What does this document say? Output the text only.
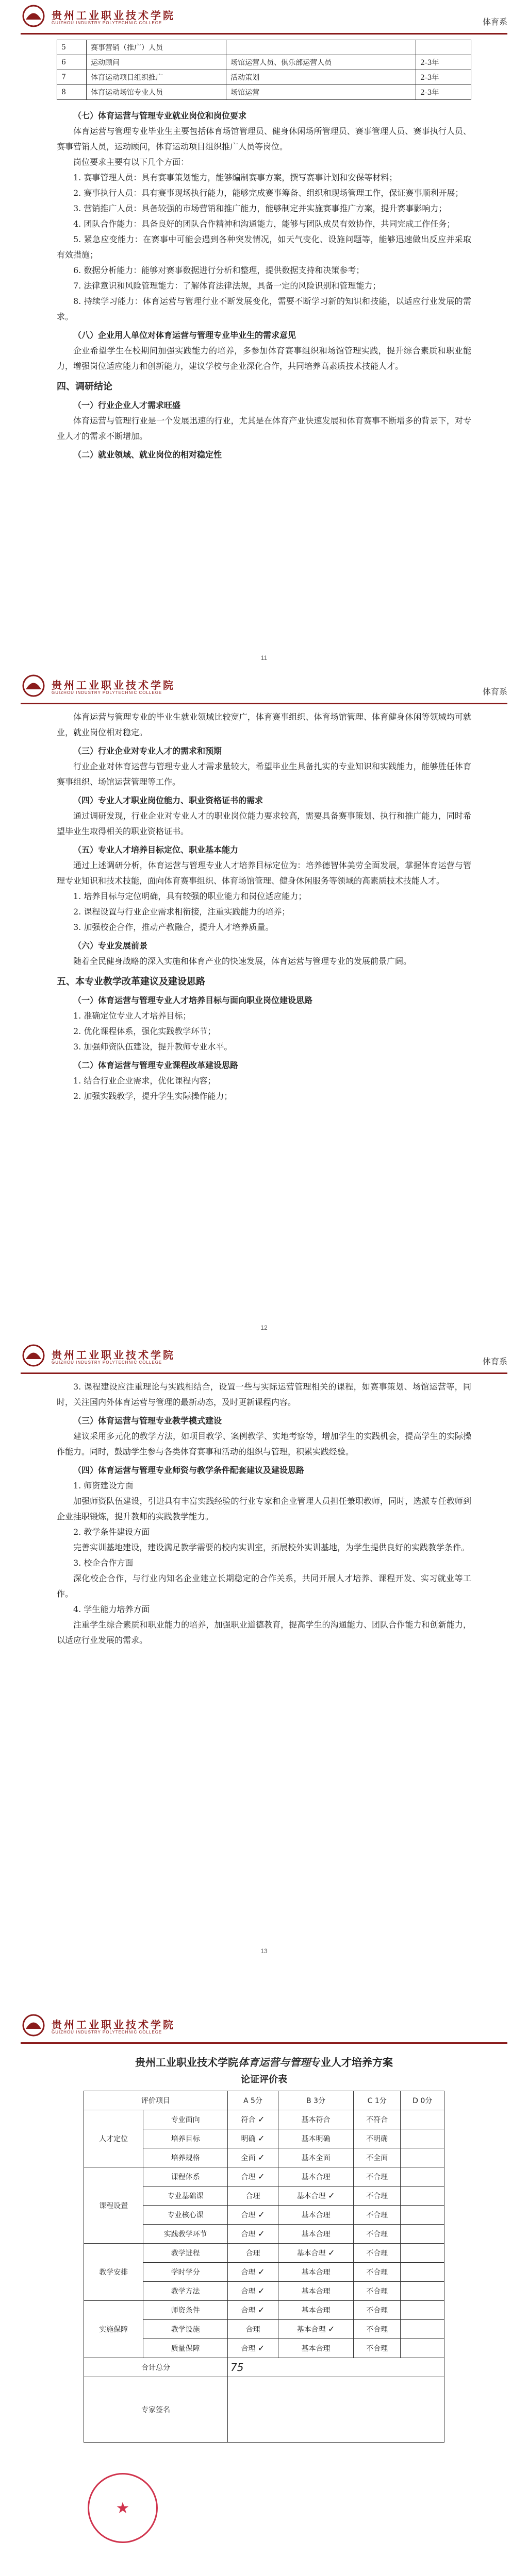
贵州工业职业技术学院
GUIZHOU INDUSTRY POLYTECHNIC COLLEGE	体育系
5	赛事营销（推广）人员		
6	运动顾问	场馆运营人员、俱乐部运营人员	2-3年
7	体育运动项目组织推广	活动策划	2-3年
8	体育运动场馆专业人员	场馆运营	2-3年
（七）体育运营与管理专业就业岗位和岗位要求

体育运营与管理专业毕业生主要包括体育场馆管理员、健身休闲场所管理员、赛事管理人员、赛事执行人员、赛事营销人员，运动顾问，体育运动项目组织推广人员等岗位。

岗位要求主要有以下几个方面：

1. 赛事管理人员：具有赛事策划能力，能够编制赛事方案，撰写赛事计划和安保等材料；

2. 赛事执行人员：具有赛事现场执行能力，能够完成赛事筹备、组织和现场管理工作，保证赛事顺利开展；

3. 营销推广人员：具备较强的市场营销和推广能力，能够制定并实施赛事推广方案，提升赛事影响力；

4. 团队合作能力：具备良好的团队合作精神和沟通能力，能够与团队成员有效协作，共同完成工作任务；

5. 紧急应变能力：在赛事中可能会遇到各种突发情况，如天气变化、设施问题等，能够迅速做出反应并采取有效措施；

6. 数据分析能力：能够对赛事数据进行分析和整理，提供数据支持和决策参考；

7. 法律意识和风险管理能力：了解体育法律法规，具备一定的风险识别和管理能力；

8. 持续学习能力：体育运营与管理行业不断发展变化，需要不断学习新的知识和技能，以适应行业发展的需求。

（八）企业用人单位对体育运营与管理专业毕业生的需求意见

企业希望学生在校期间加强实践能力的培养，多参加体育赛事组织和场馆管理实践，提升综合素质和职业能力，增强岗位适应能力和创新能力，建议学校与企业深化合作，共同培养高素质技术技能人才。

四、调研结论
（一）行业企业人才需求旺盛

体育运营与管理行业是一个发展迅速的行业，尤其是在体育产业快速发展和体育赛事不断增多的背景下，对专业人才的需求不断增加。

（二）就业领域、就业岗位的相对稳定性
11
贵州工业职业技术学院
GUIZHOU INDUSTRY POLYTECHNIC COLLEGE	体育系

体育运营与管理专业的毕业生就业领域比较宽广，体育赛事组织、体育场馆管理、体育健身休闲等领域均可就业，就业岗位相对稳定。

（三）行业企业对专业人才的需求和预期

行业企业对体育运营与管理专业人才需求量较大，希望毕业生具备扎实的专业知识和实践能力，能够胜任体育赛事组织、场馆运营管理等工作。

（四）专业人才职业岗位能力、职业资格证书的需求

通过调研发现，行业企业对专业人才的职业岗位能力要求较高，需要具备赛事策划、执行和推广能力，同时希望毕业生取得相关的职业资格证书。

（五）专业人才培养目标定位、职业基本能力

通过上述调研分析，体育运营与管理专业人才培养目标定位为：培养德智体美劳全面发展，掌握体育运营与管理专业知识和技术技能，面向体育赛事组织、体育场馆管理、健身休闲服务等领域的高素质技术技能人才。

1. 培养目标与定位明确，具有较强的职业能力和岗位适应能力；

2. 课程设置与行业企业需求相衔接，注重实践能力的培养；

3. 加强校企合作，推动产教融合，提升人才培养质量。

（六）专业发展前景

随着全民健身战略的深入实施和体育产业的快速发展，体育运营与管理专业的发展前景广阔。

五、本专业教学改革建议及建设思路
（一）体育运营与管理专业人才培养目标与面向职业岗位建设思路

1. 准确定位专业人才培养目标；

2. 优化课程体系，强化实践教学环节；

3. 加强师资队伍建设，提升教师专业水平。

（二）体育运营与管理专业课程改革建设思路

1. 结合行业企业需求，优化课程内容；

2. 加强实践教学，提升学生实际操作能力；

12
贵州工业职业技术学院
GUIZHOU INDUSTRY POLYTECHNIC COLLEGE	体育系

3. 课程建设应注重理论与实践相结合，设置一些与实际运营管理相关的课程，如赛事策划、场馆运营等，同时，关注国内外体育运营与管理的最新动态，及时更新课程内容。

（三）体育运营与管理专业教学模式建设

建议采用多元化的教学方法，如项目教学、案例教学、实地考察等，增加学生的实践机会，提高学生的实际操作能力。同时，鼓励学生参与各类体育赛事和活动的组织与管理，积累实践经验。

（四）体育运营与管理专业师资与教学条件配套建议及建设思路

1. 师资建设方面

加强师资队伍建设，引进具有丰富实践经验的行业专家和企业管理人员担任兼职教师，同时，选派专任教师到企业挂职锻炼，提升教师的实践教学能力。

2. 教学条件建设方面

完善实训基地建设，建设满足教学需要的校内实训室，拓展校外实训基地，为学生提供良好的实践教学条件。

3. 校企合作方面

深化校企合作，与行业内知名企业建立长期稳定的合作关系，共同开展人才培养、课程开发、实习就业等工作。

4. 学生能力培养方面

注重学生综合素质和职业能力的培养，加强职业道德教育，提高学生的沟通能力、团队合作能力和创新能力，以适应行业发展的需求。

13
贵州工业职业技术学院
GUIZHOU INDUSTRY POLYTECHNIC COLLEGE
贵州工业职业技术学院体育运营与管理专业人才培养方案
论证评价表
评价项目		A 5分	B 3分	C 1分	D 0分
人才定位	专业面向	符合 ✓	基本符合	不符合	
	培养目标	明确 ✓	基本明确	不明确	
	培养规格	全面 ✓	基本全面	不全面	
课程设置	课程体系	合理 ✓	基本合理	不合理	
	专业基础课	合理	基本合理 ✓	不合理	
	专业核心课	合理 ✓	基本合理	不合理	
	实践教学环节	合理 ✓	基本合理	不合理	
教学安排	教学进程	合理	基本合理 ✓	不合理	
	学时学分	合理 ✓	基本合理	不合理	
	教学方法	合理 ✓	基本合理	不合理	
实施保障	师资条件	合理 ✓	基本合理	不合理	
	教学设施	合理	基本合理 ✓	不合理	
	质量保障	合理 ✓	基本合理	不合理	
合计总分		75			
专家签名					
★
